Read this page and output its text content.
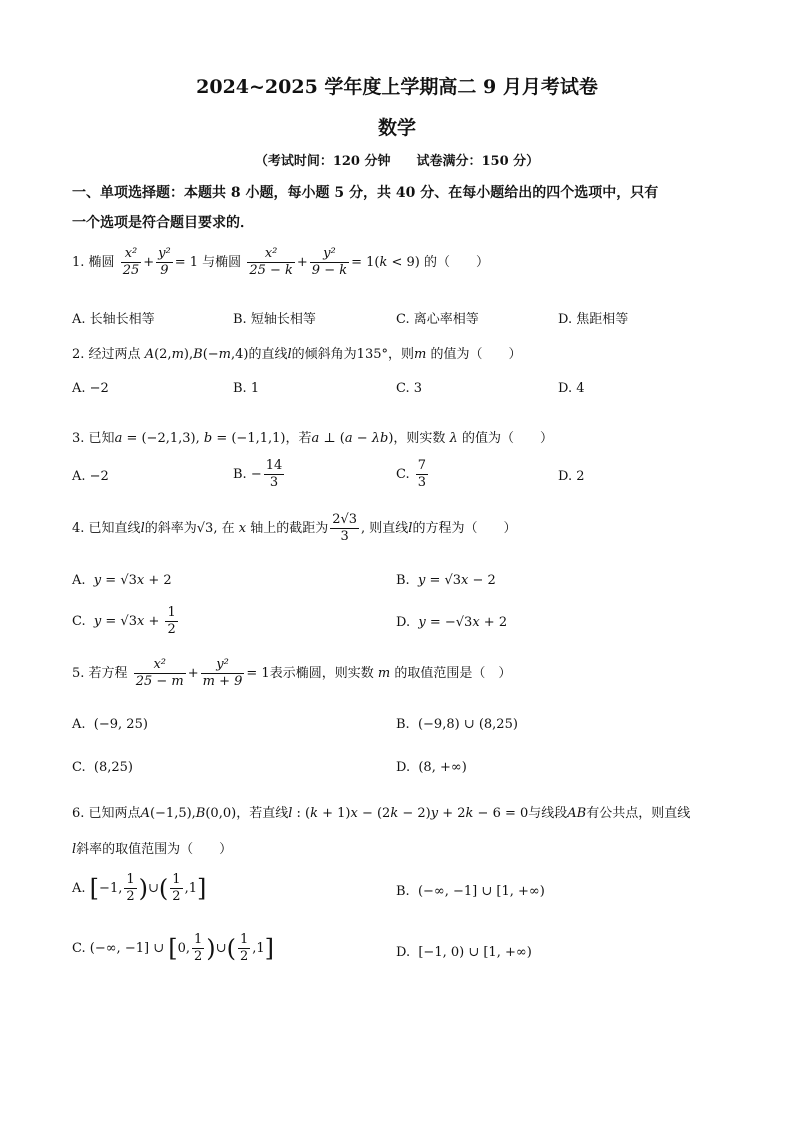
2024~2025 学年度上学期高二 9 月月考试卷
数学
（考试时间：120 分钟　　试卷满分：150 分）
一、单项选择题：本题共 8 小题，每小题 5 分，共 40 分、在每小题给出的四个选项中，只有
一个选项是符合题目要求的．
1. 椭圆 $\frac{\text{x²}}{25} + \frac{\text{y²}}{9} = 1$ 与椭圆 $\frac{\text{x²}}{25 - k} + \frac{\text{y²}}{9 - k} = 1(k < 9)$ 的（　　）
A. 长轴长相等	B. 短轴长相等	C. 离心率相等	D. 焦距相等
2. 经过两点 A(2,m),B(−m,4)的直线l的倾斜角为135°，则m 的值为（　　）
A. −2	B. 1	C. 3	D. 4
3. 已知a = (−2,1,3), b = (−1,1,1)，若a ⊥ (a − λb)，则实数 λ 的值为（　　）
A. −2	B. − $\frac{14}{3}$	C. $\frac{7}{3}$	D. 2
4. 已知直线l的斜率为√3, 在 x 轴上的截距为 $\frac{2√3}{3}$ , 则直线l的方程为（　　）
A.  y = √3x + 2	B.  y = √3x − 2
C.  $y = √3x + \frac{1}{2}$	D.  y = −√3x + 2
5. 若方程 $\frac{\text{x²}}{25 - m} + \frac{\text{y²}}{m + 9} = 1$表示椭圆，则实数 m 的取值范围是（　）
A.  (−9, 25)	B.  (−9,8) ∪ (8,25)
C.  (8,25)	D.  (8, +∞)
6. 已知两点A(−1,5),B(0,0)，若直线l : (k + 1)x − (2k − 2)y + 2k − 6 = 0与线段AB有公共点，则直线
l斜率的取值范围为（　　）
A. [−1, $\frac{1}{2}$ )∪( $\frac{1}{2} ,1$]	B.  (−∞, −1] ∪ [1, +∞)
C. (−∞, −1] ∪ [0, $\frac{1}{2}$ )∪( $\frac{1}{2} ,1$]	D.  [−1, 0) ∪ [1, +∞)
